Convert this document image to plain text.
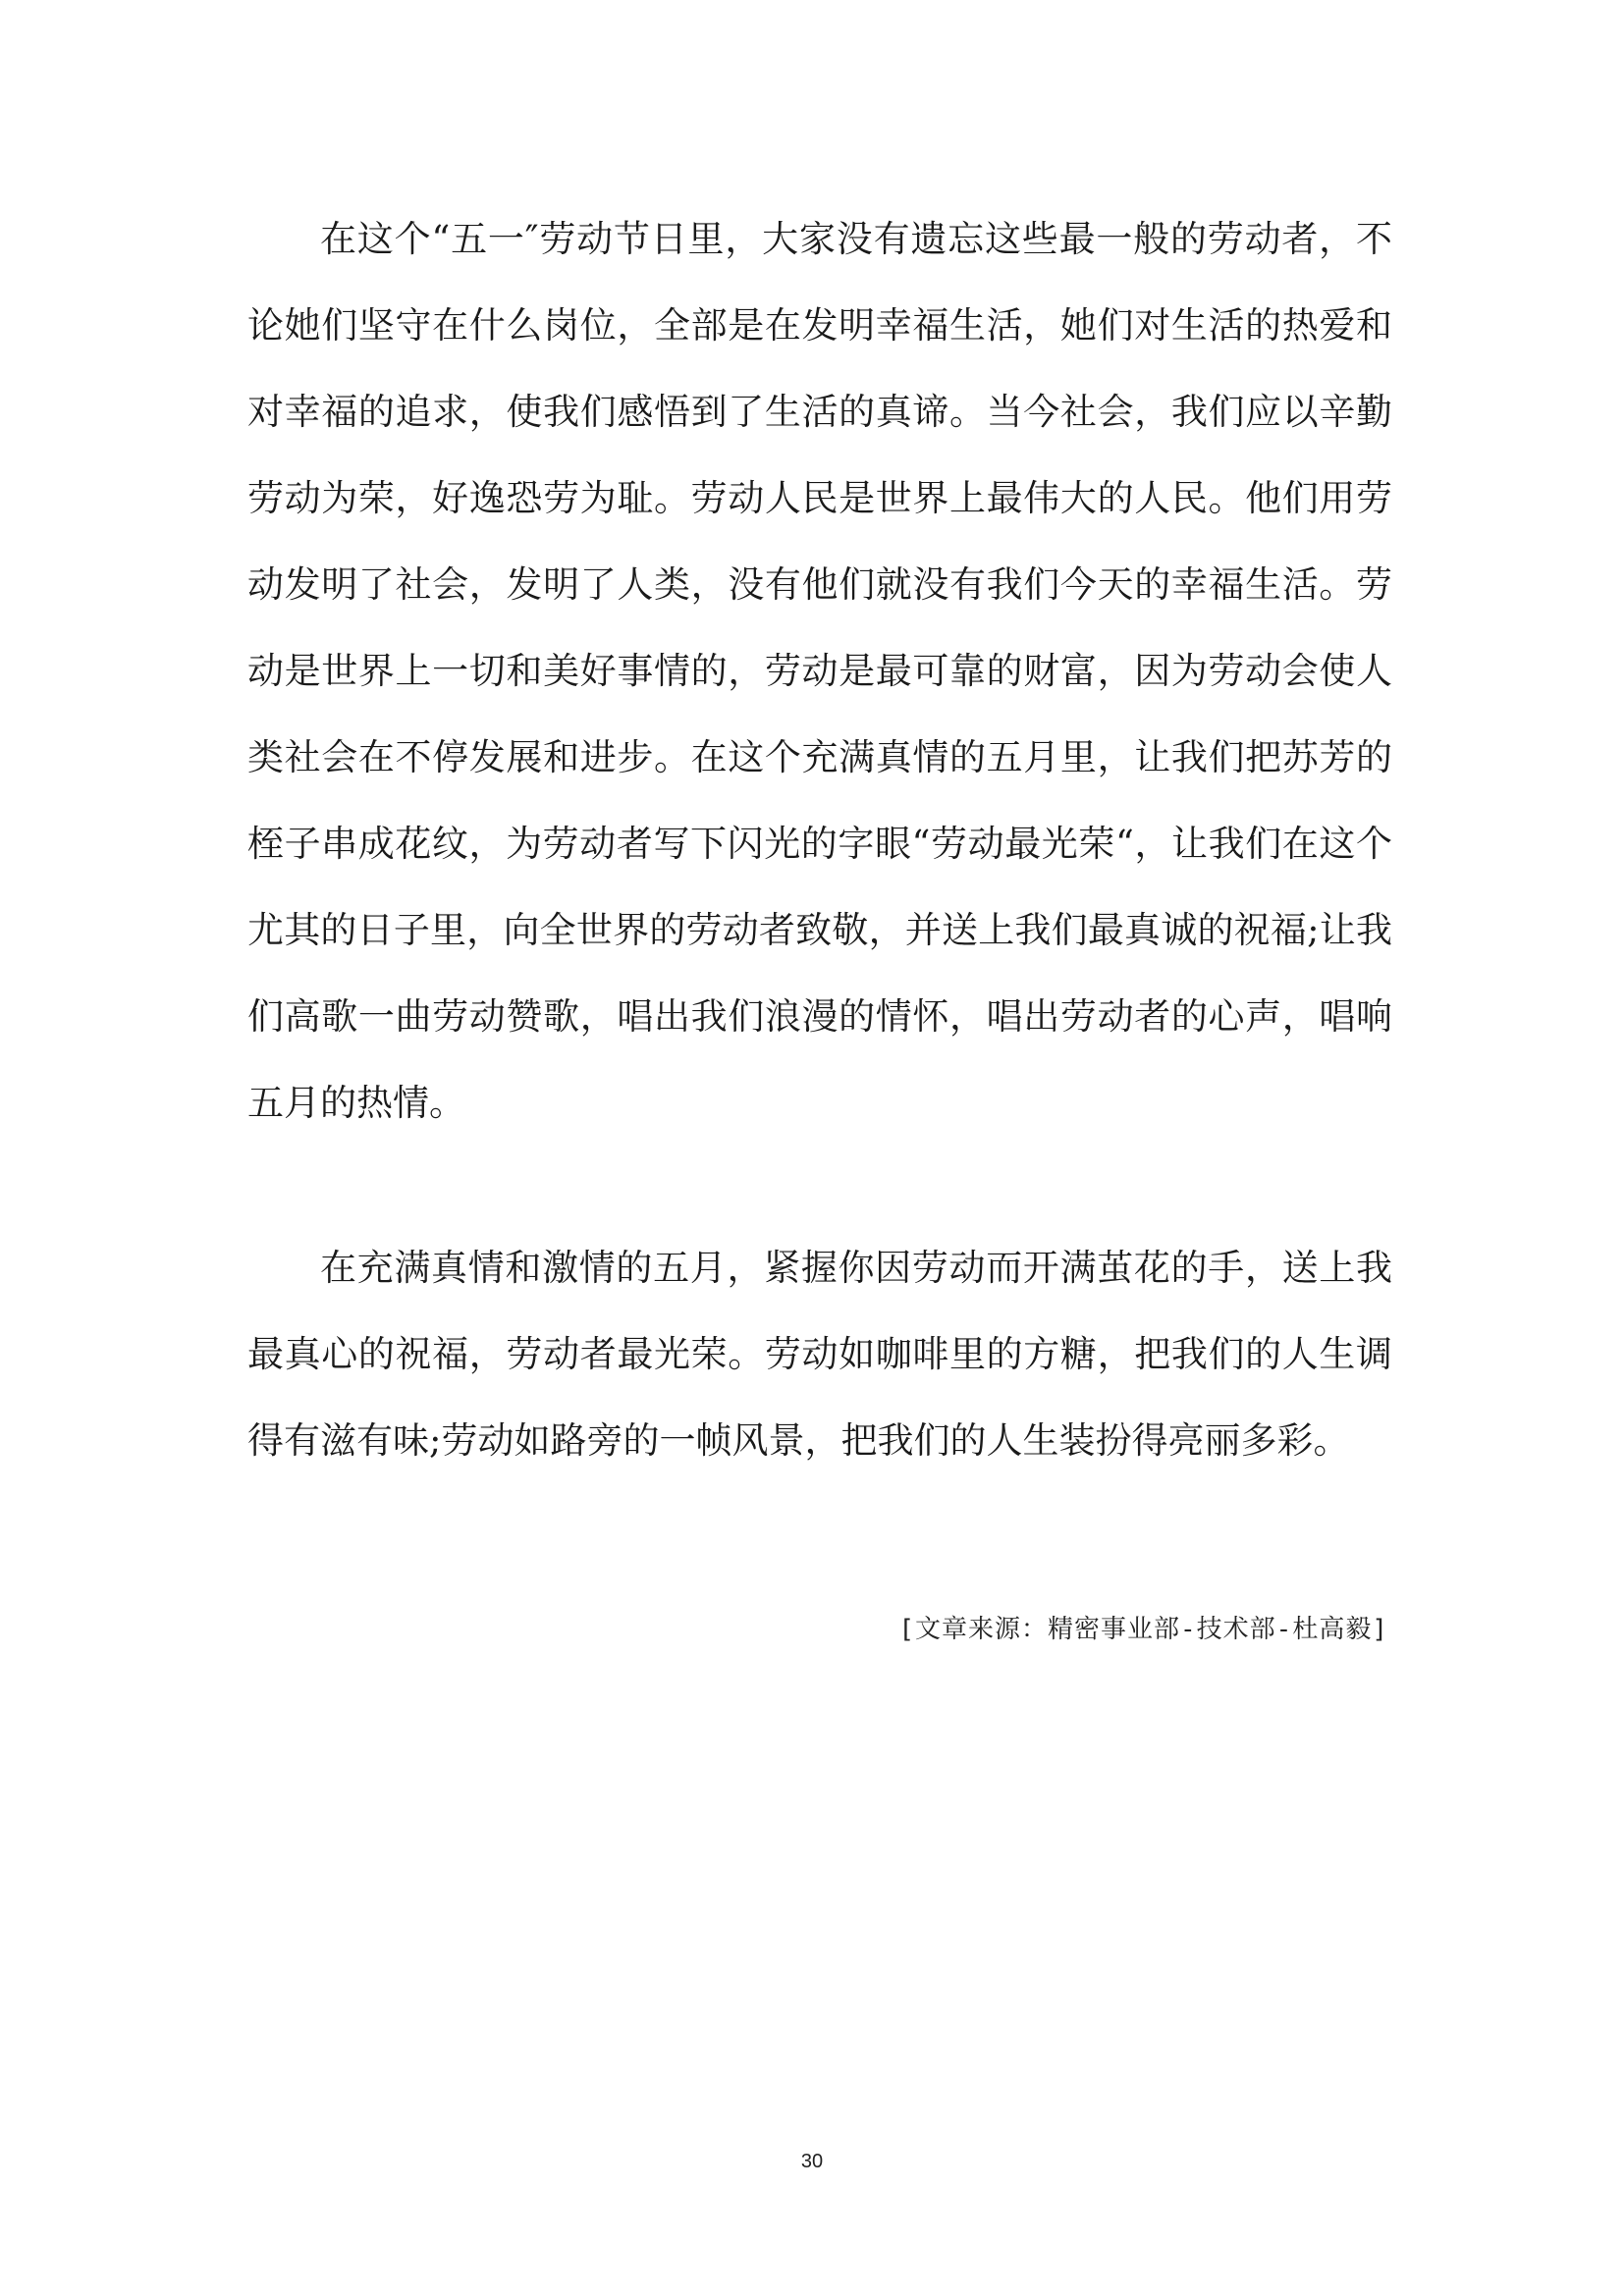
在这个“五一″劳动节日里，大家没有遗忘这些最一般的劳动者，不论她们坚守在什么岗位，全部是在发明幸福生活，她们对生活的热爱和对幸福的追求，使我们感悟到了生活的真谛。当今社会，我们应以辛勤劳动为荣，好逸恐劳为耻。劳动人民是世界上最伟大的人民。他们用劳动发明了社会，发明了人类，没有他们就没有我们今天的幸福生活。劳动是世界上一切和美好事情的，劳动是最可靠的财富，因为劳动会使人类社会在不停发展和进步。在这个充满真情的五月里，让我们把苏芳的桎子串成花纹，为劳动者写下闪光的字眼“劳动最光荣“，让我们在这个尤其的日子里，向全世界的劳动者致敬，并送上我们最真诚的祝福;让我们高歌一曲劳动赞歌，唱出我们浪漫的情怀，唱出劳动者的心声，唱响五月的热情。

在充满真情和激情的五月，紧握你因劳动而开满茧花的手，送上我最真心的祝福，劳动者最光荣。劳动如咖啡里的方糖，把我们的人生调得有滋有味;劳动如路旁的一帧风景，把我们的人生装扮得亮丽多彩。

[文章来源：精密事业部-技术部-杜高毅]

30
